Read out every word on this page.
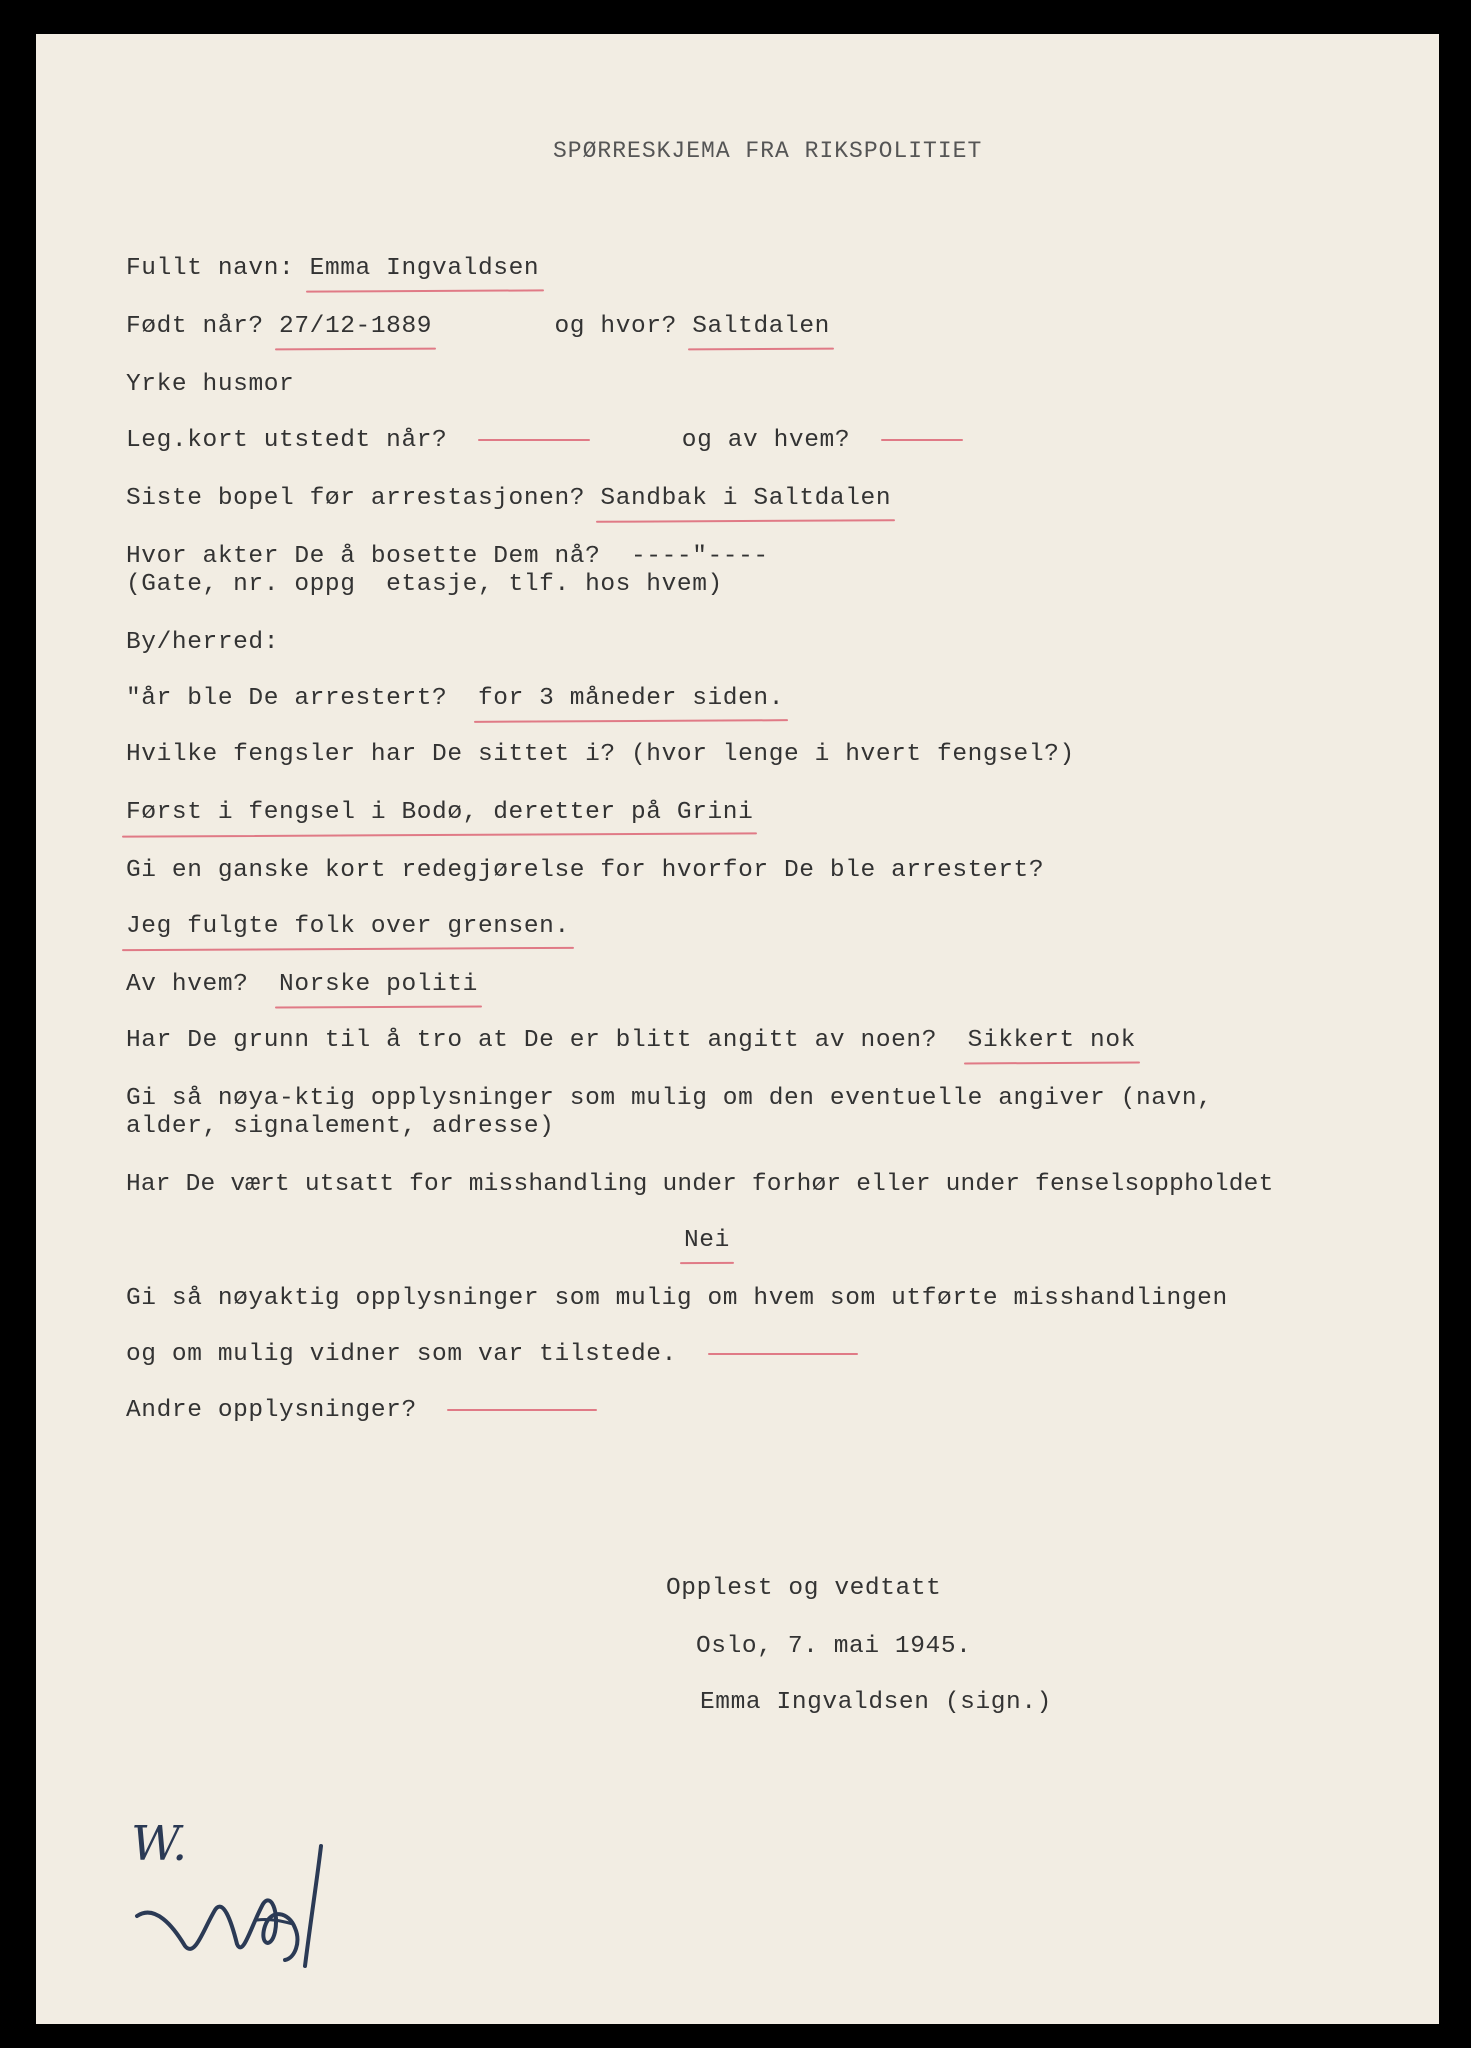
SPØRRESKJEMA FRA RIKSPOLITIET
Fullt navn: Emma Ingvaldsen
Født når? 27/12-1889	og hvor? Saltdalen
Yrke husmor
Leg.kort utstedt når?	og av hvem?
Siste bopel før arrestasjonen? Sandbak i Saltdalen
Hvor akter De å bosette Dem nå? ----"----
(Gate, nr. oppg  etasje, tlf. hos hvem)
By/herred:
"år ble De arrestert? for 3 måneder siden.
Hvilke fengsler har De sittet i? (hvor lenge i hvert fengsel?)
Først i fengsel i Bodø, deretter på Grini
Gi en ganske kort redegjørelse for hvorfor De ble arrestert?
Jeg fulgte folk over grensen.
Av hvem? Norske politi
Har De grunn til å tro at De er blitt angitt av noen? Sikkert nok
Gi så nøya-ktig opplysninger som mulig om den eventuelle angiver (navn,
alder, signalement, adresse)
Har De vært utsatt for misshandling under forhør eller under fenselsoppholdet
Nei
Gi så nøyaktig opplysninger som mulig om hvem som utførte misshandlingen
og om mulig vidner som var tilstede.
Andre opplysninger?
Opplest og vedtatt
Oslo, 7. mai 1945.
Emma Ingvaldsen (sign.)
W.
